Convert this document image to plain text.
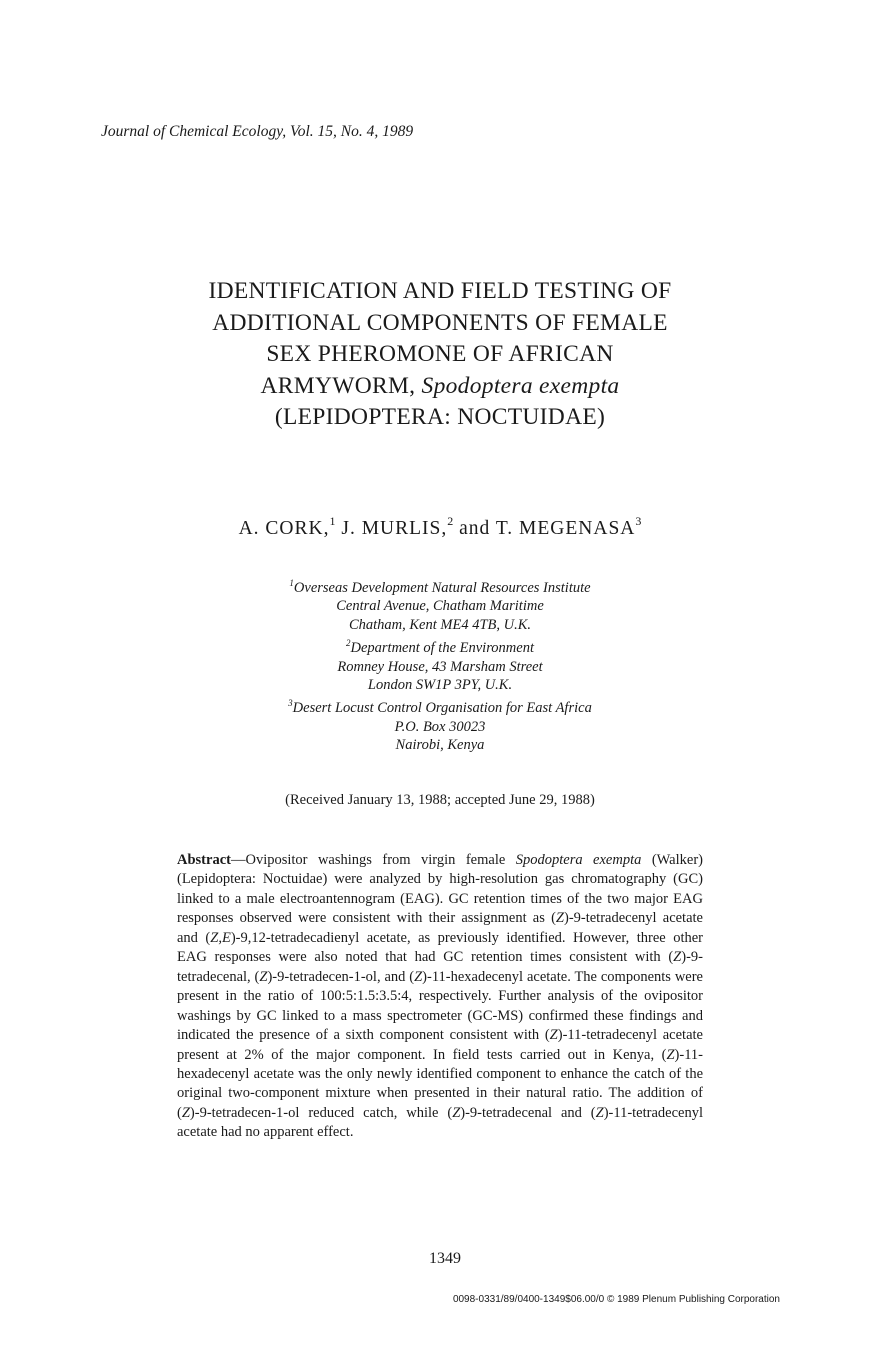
Journal of Chemical Ecology, Vol. 15, No. 4, 1989
IDENTIFICATION AND FIELD TESTING OF
ADDITIONAL COMPONENTS OF FEMALE
SEX PHEROMONE OF AFRICAN
ARMYWORM, Spodoptera exempta
(LEPIDOPTERA: NOCTUIDAE)
A. CORK,$^1$ J. MURLIS,$^2$ and T. MEGENASA$^3$
$^1$Overseas Development Natural Resources Institute
Central Avenue, Chatham Maritime
Chatham, Kent ME4 4TB, U.K.
$^2$Department of the Environment
Romney House, 43 Marsham Street
London SW1P 3PY, U.K.
$^3$Desert Locust Control Organisation for East Africa
P.O. Box 30023
Nairobi, Kenya
(Received January 13, 1988; accepted June 29, 1988)
Abstract—Ovipositor washings from virgin female Spodoptera exempta (Walker) (Lepidoptera: Noctuidae) were analyzed by high-resolution gas chromatography (GC) linked to a male electroantennogram (EAG). GC retention times of the two major EAG responses observed were consistent with their assignment as (Z)-9-tetradecenyl acetate and (Z,E)-9,12-tetradecadienyl acetate, as previously identified. However, three other EAG responses were also noted that had GC retention times consistent with (Z)-9-tetradecenal, (Z)-9-tetradecen-1-ol, and (Z)-11-hexadecenyl acetate. The components were present in the ratio of 100:5:1.5:3.5:4, respectively. Further analysis of the ovipositor washings by GC linked to a mass spectrometer (GC-MS) confirmed these findings and indicated the presence of a sixth component consistent with (Z)-11-tetradecenyl acetate present at 2% of the major component. In field tests carried out in Kenya, (Z)-11-hexadecenyl acetate was the only newly identified component to enhance the catch of the original two-component mixture when presented in their natural ratio. The addition of (Z)-9-tetradecen-1-ol reduced catch, while (Z)-9-tetradecenal and (Z)-11-tetradecenyl acetate had no apparent effect.
1349
0098-0331/89/0400-1349$06.00/0 © 1989 Plenum Publishing Corporation
